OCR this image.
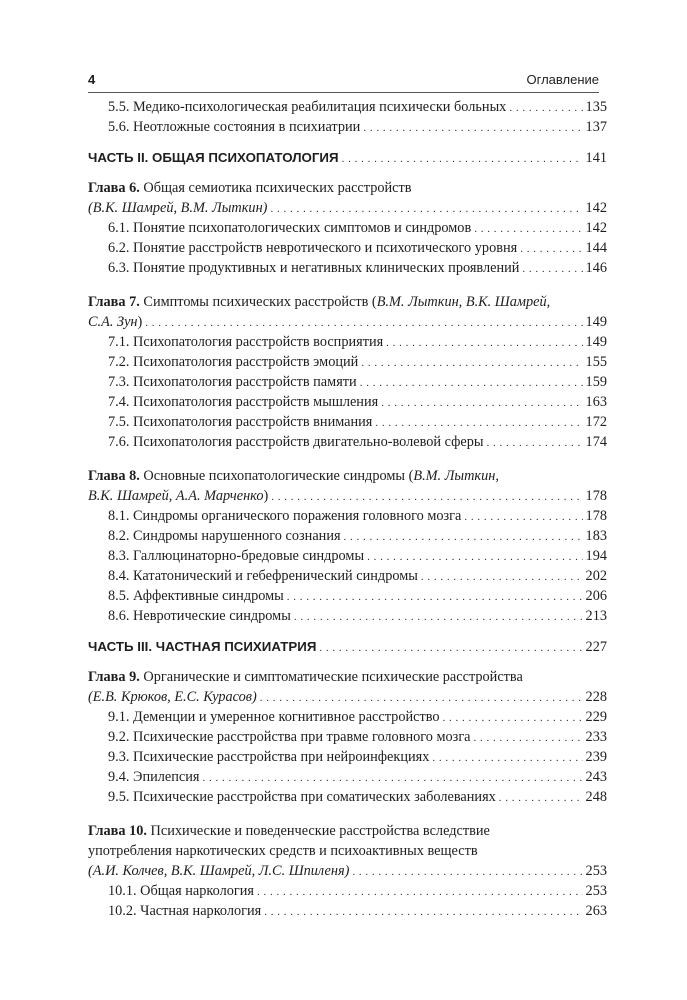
4	Оглавление
5.5. Медико-психологическая реабилитация психически больных . . .	135
5.6. Неотложные состояния в психиатрии . . .	137
ЧАСТЬ II. ОБЩАЯ ПСИХОПАТОЛОГИЯ . . .	141
Глава 6. Общая семиотика психических расстройств
(В.К. Шамрей, В.М. Лыткин) . . .	142
6.1. Понятие психопатологических симптомов и синдромов . . .	142
6.2. Понятие расстройств невротического и психотического уровня . . .	144
6.3. Понятие продуктивных и негативных клинических проявлений . . .	146
Глава 7. Симптомы психических расстройств (В.М. Лыткин, В.К. Шамрей,
С.А. Зун) . . .	149
7.1. Психопатология расстройств восприятия . . .	149
7.2. Психопатология расстройств эмоций . . .	155
7.3. Психопатология расстройств памяти . . .	159
7.4. Психопатология расстройств мышления . . .	163
7.5. Психопатология расстройств внимания . . .	172
7.6. Психопатология расстройств двигательно-волевой сферы . . .	174
Глава 8. Основные психопатологические синдромы (В.М. Лыткин,
В.К. Шамрей, А.А. Марченко) . . .	178
8.1. Синдромы органического поражения головного мозга . . .	178
8.2. Синдромы нарушенного сознания . . .	183
8.3. Галлюцинаторно-бредовые синдромы . . .	194
8.4. Кататонический и гебефренический синдромы . . .	202
8.5. Аффективные синдромы . . .	206
8.6. Невротические синдромы . . .	213
ЧАСТЬ III. ЧАСТНАЯ ПСИХИАТРИЯ . . .	227
Глава 9. Органические и симптоматические психические расстройства
(Е.В. Крюков, Е.С. Курасов) . . .	228
9.1. Деменции и умеренное когнитивное расстройство . . .	229
9.2. Психические расстройства при травме головного мозга . . .	233
9.3. Психические расстройства при нейроинфекциях . . .	239
9.4. Эпилепсия . . .	243
9.5. Психические расстройства при соматических заболеваниях . . .	248
Глава 10. Психические и поведенческие расстройства вследствие
употребления наркотических средств и психоактивных веществ
(А.И. Колчев, В.К. Шамрей, Л.С. Шпиленя) . . .	253
10.1. Общая наркология . . .	253
10.2. Частная наркология . . .	263
